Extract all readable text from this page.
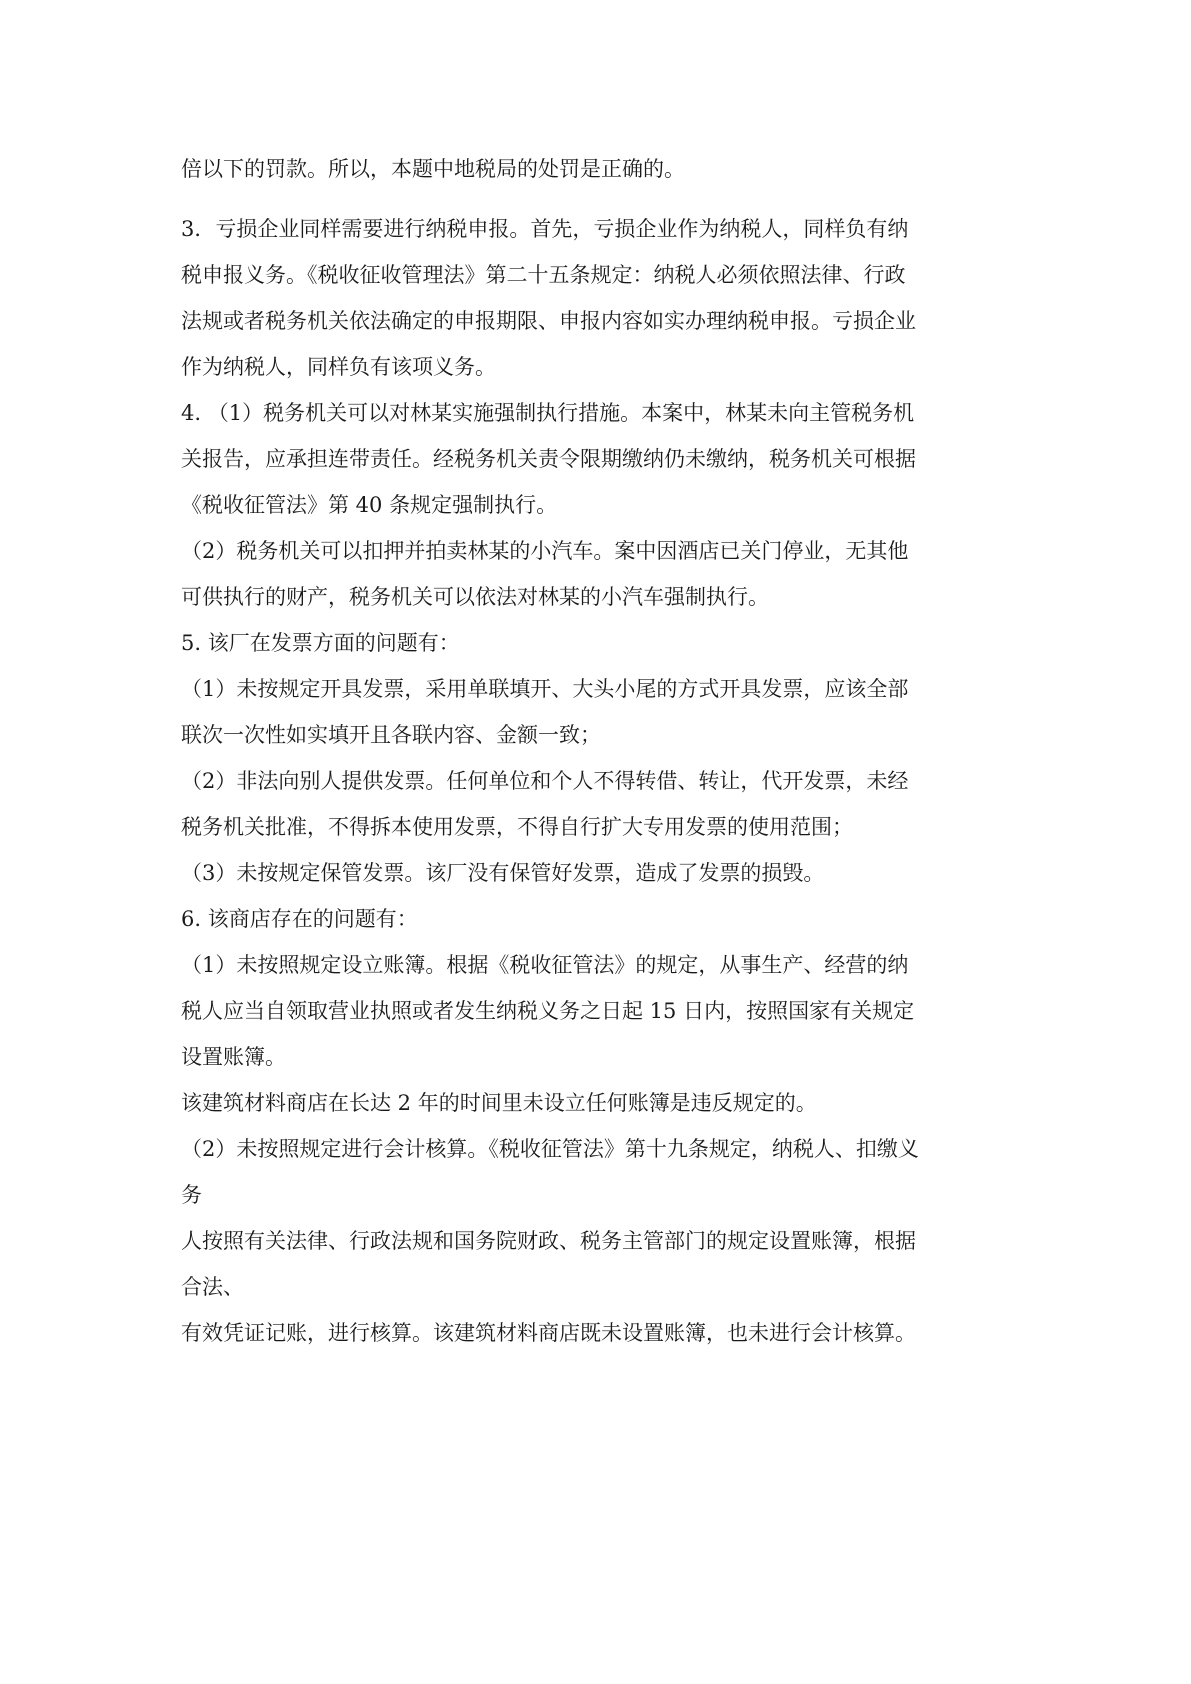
倍以下的罚款。所以，本题中地税局的处罚是正确的。
3．亏损企业同样需要进行纳税申报。首先，亏损企业作为纳税人，同样负有纳
税申报义务。《税收征收管理法》第二十五条规定：纳税人必须依照法律、行政
法规或者税务机关依法确定的申报期限、申报内容如实办理纳税申报。亏损企业
作为纳税人，同样负有该项义务。
4. （1）税务机关可以对林某实施强制执行措施。本案中，林某未向主管税务机
关报告，应承担连带责任。经税务机关责令限期缴纳仍未缴纳，税务机关可根据
《税收征管法》第 40 条规定强制执行。
（2）税务机关可以扣押并拍卖林某的小汽车。案中因酒店已关门停业，无其他
可供执行的财产，税务机关可以依法对林某的小汽车强制执行。
5. 该厂在发票方面的问题有：
（1）未按规定开具发票，采用单联填开、大头小尾的方式开具发票，应该全部
联次一次性如实填开且各联内容、金额一致；
（2）非法向别人提供发票。任何单位和个人不得转借、转让，代开发票，未经
税务机关批准，不得拆本使用发票，不得自行扩大专用发票的使用范围；
（3）未按规定保管发票。该厂没有保管好发票，造成了发票的损毁。
6. 该商店存在的问题有：
（1）未按照规定设立账簿。根据《税收征管法》的规定，从事生产、经营的纳
税人应当自领取营业执照或者发生纳税义务之日起 15 日内，按照国家有关规定
设置账簿。
该建筑材料商店在长达 2 年的时间里未设立任何账簿是违反规定的。
（2）未按照规定进行会计核算。《税收征管法》第十九条规定，纳税人、扣缴义
务
人按照有关法律、行政法规和国务院财政、税务主管部门的规定设置账簿，根据
合法、
有效凭证记账，进行核算。该建筑材料商店既未设置账簿，也未进行会计核算。
